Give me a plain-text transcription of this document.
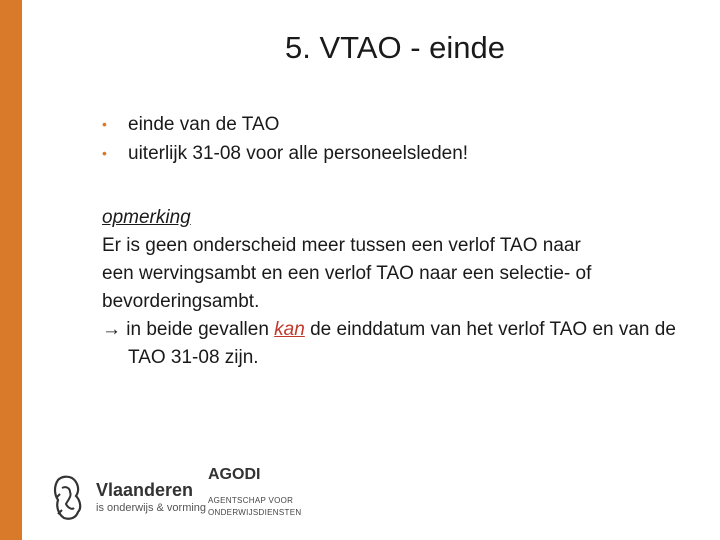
5. VTAO - einde
• einde van de TAO
• uiterlijk 31-08 voor alle personeelsleden!
opmerking
Er is geen onderscheid meer tussen een verlof TAO naar
een wervingsambt en een verlof TAO naar een selectie- of
bevorderingsambt.
→ in beide gevallen kan de einddatum van het verlof TAO en van de TAO 31-08 zijn.
Vlaanderen
is onderwijs & vorming
AGODI
AGENTSCHAP VOOR
ONDERWIJSDIENSTEN
